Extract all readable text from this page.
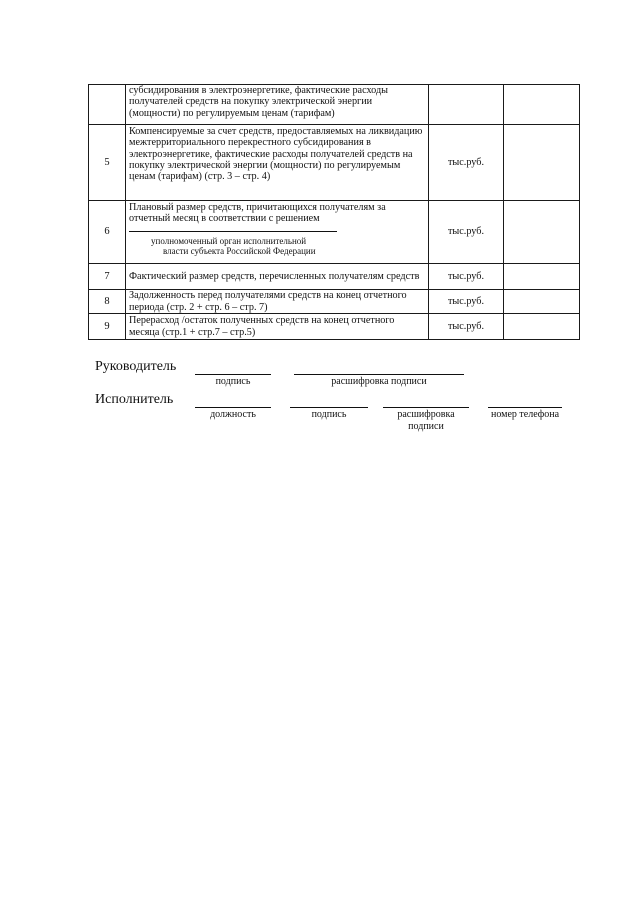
	субсидирования в электроэнергетике, фактические расходы получателей средств на покупку электрической энергии (мощности) по регулируемым ценам (тарифам)		
5	Компенсируемые за счет средств, предоставляемых на ликвидацию межтерриториального перекрестного субсидирования в электроэнергетике, фактические расходы получателей средств на покупку электрической энергии (мощности) по регулируемым ценам (тарифам) (стр. 3 – стр. 4)	тыс.руб.	
6	Плановый размер средств, причитающихся получателям за отчетный месяц в соответствии с решением
уполномоченный орган исполнительной
власти субъекта Российской Федерации	тыс.руб.	
7	Фактический размер средств, перечисленных получателям средств	тыс.руб.	
8	Задолженность перед получателями средств на конец отчетного периода (стр. 2 + стр. 6 – стр. 7)	тыс.руб.	
9	Перерасход /остаток полученных средств на конец отчетного месяца (стр.1 + стр.7 – стр.5)	тыс.руб.	
Руководитель
подпись	расшифровка подписи
Исполнитель
должность	подпись	расшифровка
подписи
номер телефона
